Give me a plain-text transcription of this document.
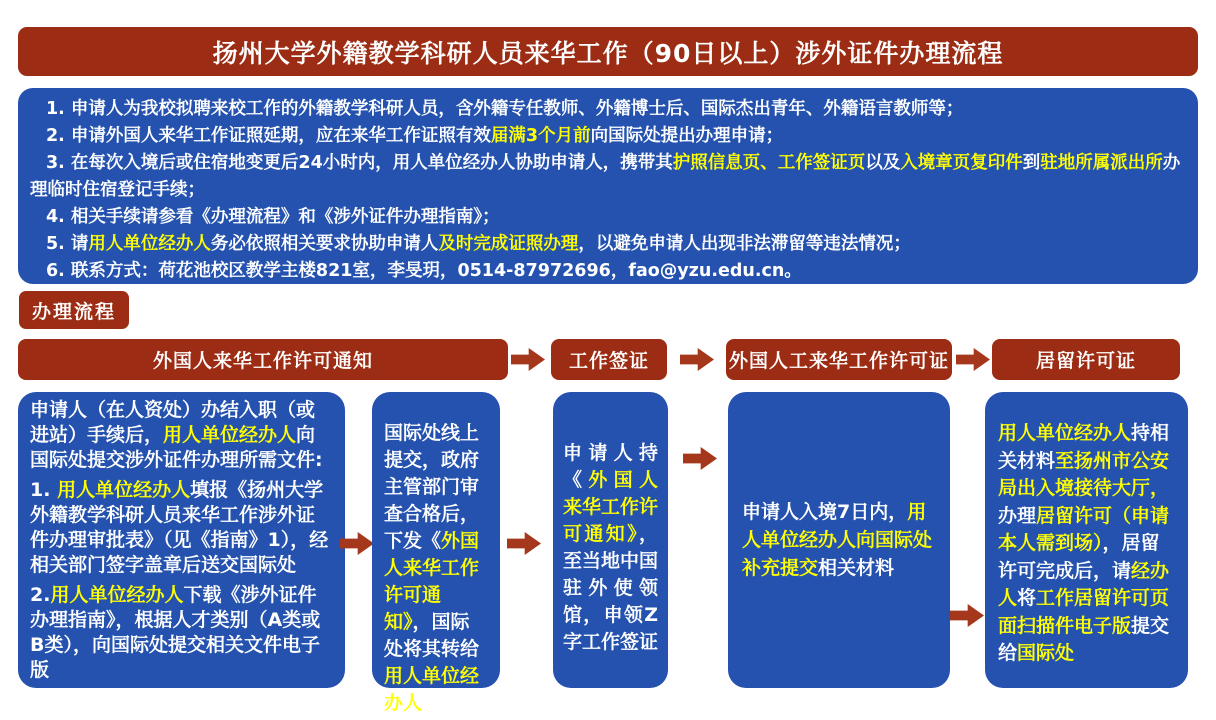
扬州大学外籍教学科研人员来华工作（90日以上）涉外证件办理流程

1. 申请人为我校拟聘来校工作的外籍教学科研人员，含外籍专任教师、外籍博士后、国际杰出青年、外籍语言教师等；

2. 申请外国人来华工作证照延期，应在来华工作证照有效届满3个月前向国际处提出办理申请；

3. 在每次入境后或住宿地变更后24小时内，用人单位经办人协助申请人，携带其护照信息页、工作签证页以及入境章页复印件到驻地所属派出所办理临时住宿登记手续；

4. 相关手续请参看《办理流程》和《涉外证件办理指南》；

5. 请用人单位经办人务必依照相关要求协助申请人及时完成证照办理，以避免申请人出现非法滞留等违法情况；

6. 联系方式：荷花池校区教学主楼821室，李旻玥，0514-87972696，fao@yzu.edu.cn。

办理流程
外国人来华工作许可通知	工作签证	外国人工来华工作许可证	居留许可证

申请人（在人资处）办结入职（或进站）手续后，用人单位经办人向国际处提交涉外证件办理所需文件:

1. 用人单位经办人填报《扬州大学外籍教学科研人员来华工作涉外证件办理审批表》（见《指南》1），经相关部门签字盖章后送交国际处

2.用人单位经办人下载《涉外证件办理指南》，根据人才类别（A类或B类），向国际处提交相关文件电子版

国际处线上提交，政府主管部门审查合格后，下发《外国人来华工作许可通知》，国际处将其转给用人单位经办人

申请人持《外国人来华工作许可通知》，至当地中国驻外使领馆，申领Z字工作签证

申请人入境7日内，用人单位经办人向国际处补充提交相关材料

用人单位经办人持相关材料至扬州市公安局出入境接待大厅，办理居留许可（申请本人需到场），居留许可完成后，请经办人将工作居留许可页面扫描件电子版提交给国际处
